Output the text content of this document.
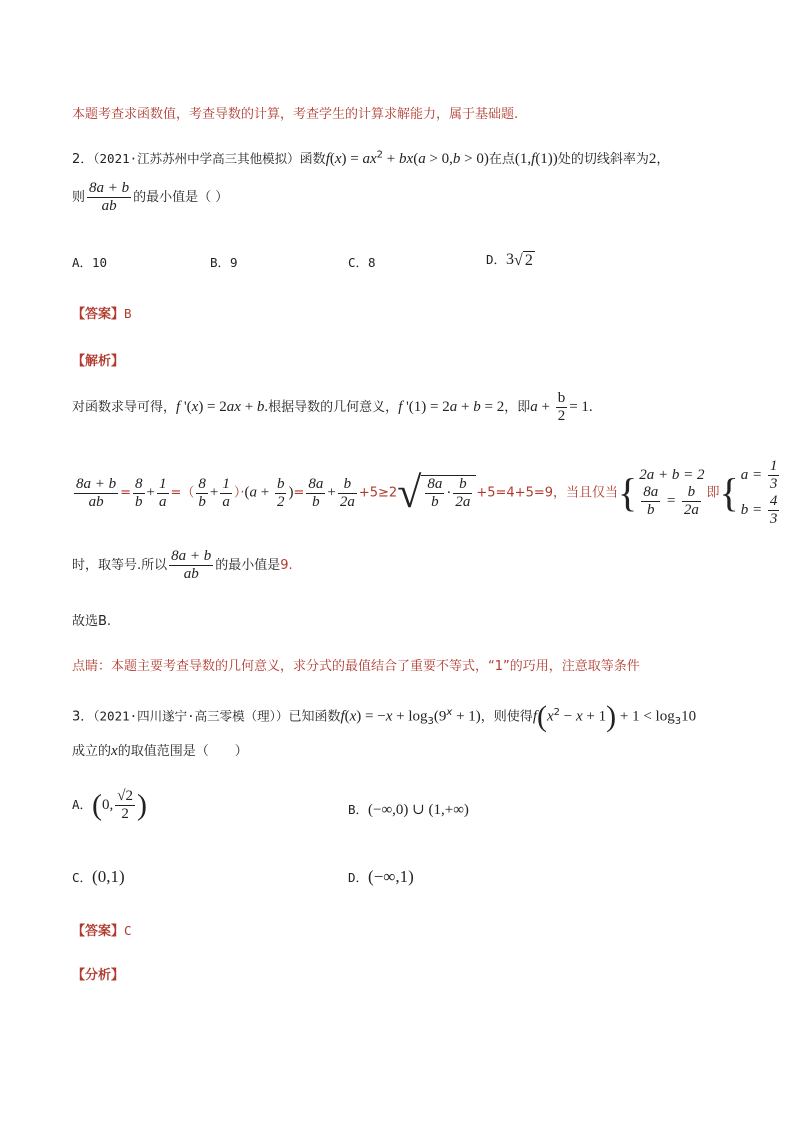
本题考查求函数值，考查导数的计算，考查学生的计算求解能力，属于基础题.
2．（2021·江苏苏州中学高三其他模拟）函数$f(x) = ax^2 + bx(a > 0,b > 0)$在点(1,f(1))处的切线斜率为2，
则 $\frac{8a + b}{ab}$ 的最小值是（ ）
A．10	B．9	C．8	D．3√ 2
【答案】B
【解析】
对函数求导可得，f '(x) = 2ax + b.根据导数的几何意义，f '(1) = 2a + b = 2，即$a + \frac{b}{2} = 1$.
$\frac{8a + b}{ab} = \frac{8}{b} + \frac{1}{a}$ =（ $\frac{8}{b} + \frac{1}{a} )\cdot(a + \frac{b}{2}$ )= $\frac{8a}{b} + \frac{b}{2a} +5\ge 2√ \frac{8a}{b} \cdot \frac{b}{2a} +5=4+5=9$，当且仅当{ 2a + b = 2

$\frac{8a}{b} = \frac{b}{2a}$ 即{ $a = \frac{1}{3}$

$b = \frac{4}{3}$
时，取等号.所以 $\frac{8a + b}{ab}$ 的最小值是9.
故选B.
点睛：本题主要考查导数的几何意义，求分式的最值结合了重要不等式，“1”的巧用，注意取等条件
3．（2021·四川遂宁·高三零模（理））已知函数$f(x) = -x + \log_3(9^x + 1)$，则使得$f(x^2 - x + 1) + 1 < \log_310$
成立的x的取值范围是（　　）
A．(0, $\frac{√2}{2}$ )	B．(−∞,0) ∪ (1,+∞)
C．(0,1)	D．(−∞,1)
【答案】C
【分析】
